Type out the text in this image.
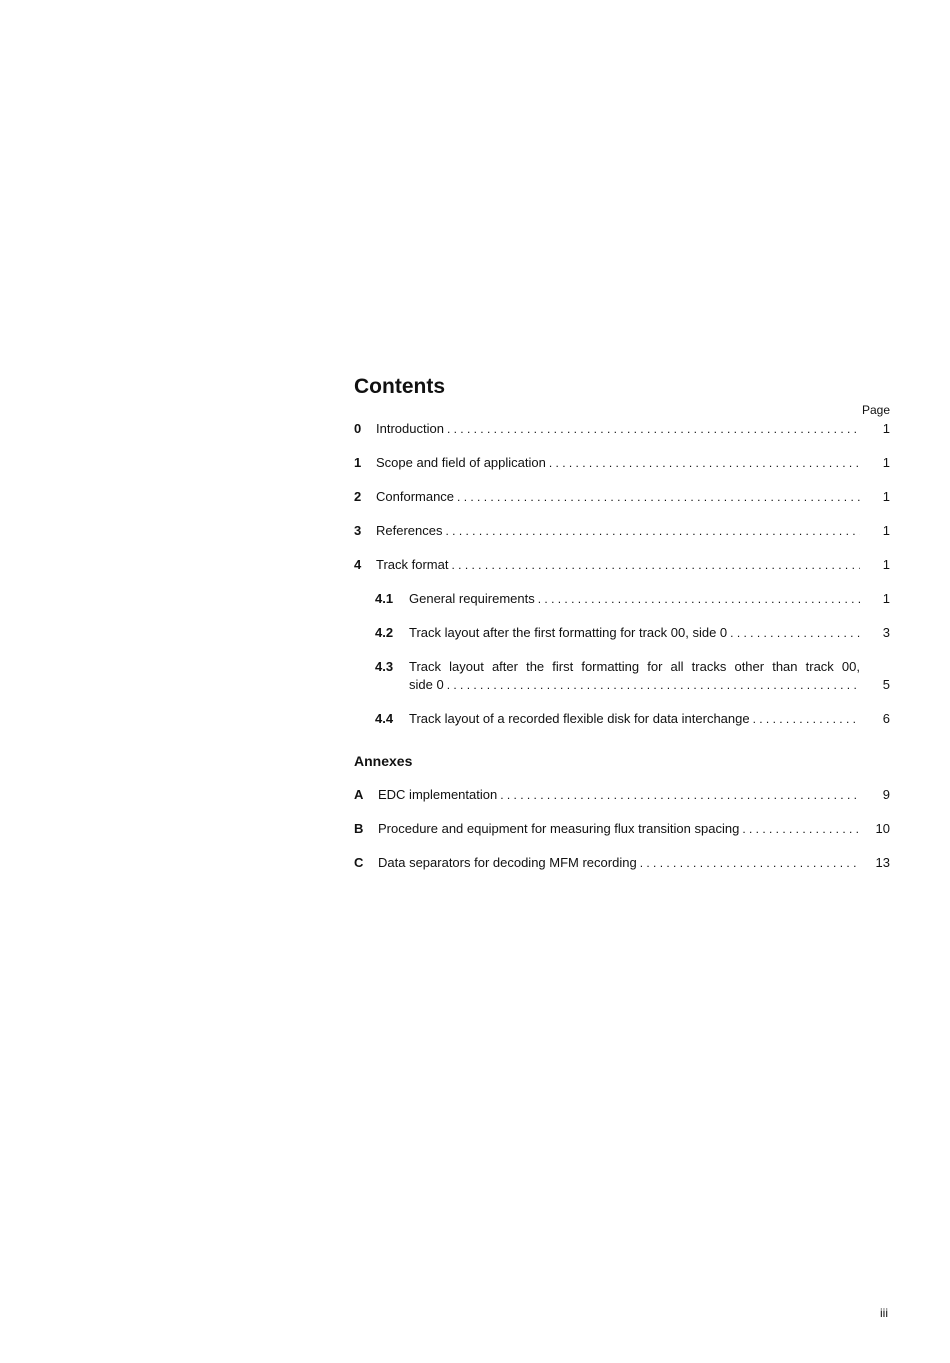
Contents
Page
0	Introduction . . .	1
1	Scope and field of application . . .	1
2	Conformance . . .	1
3	References . . .	1
4	Track format . . .	1
4.1	General requirements . . .	1
4.2	Track layout after the first formatting for track 00, side 0 . . .	3
4.3	Track layout after the first formatting for all tracks other than track 00,
side 0 . . .	5
4.4	Track layout of a recorded flexible disk for data interchange . . .	6
Annexes
A	EDC implementation . . .	9
B	Procedure and equipment for measuring flux transition spacing . . .	10
C	Data separators for decoding MFM recording . . .	13
iii
